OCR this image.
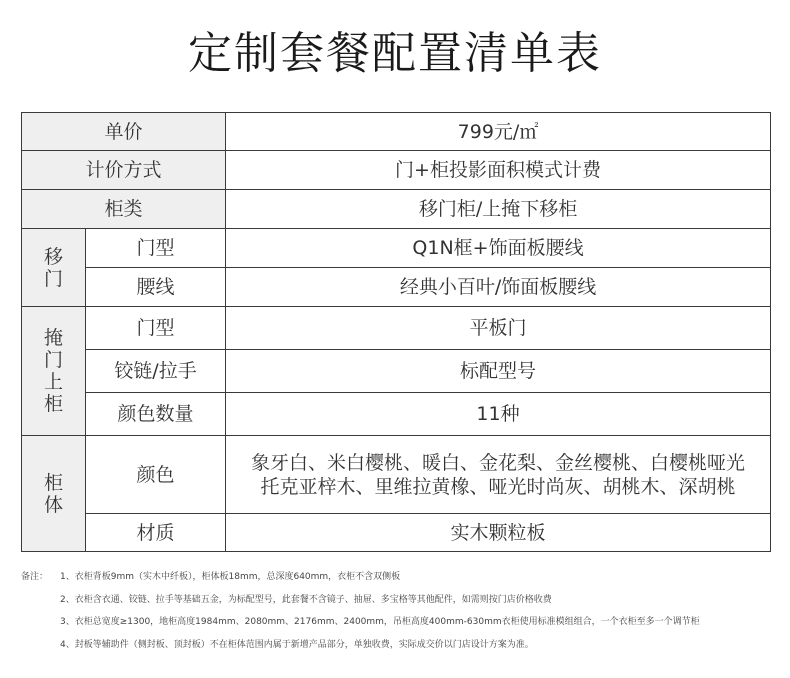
定制套餐配置清单表
单价		799元/㎡
计价方式		门+柜投影面积模式计费
柜类		移门柜/上掩下移柜
移门	门型	Q1N框+饰面板腰线
	腰线	经典小百叶/饰面板腰线
掩门上柜	门型	平板门
	铰链/拉手	标配型号
	颜色数量	11种
柜体	颜色	象牙白、米白樱桃、暖白、金花梨、金丝樱桃、白樱桃哑光
托克亚梓木、里维拉黄橡、哑光时尚灰、胡桃木、深胡桃

	材质	实木颗粒板
备注： 1、衣柜背板9mm（实木中纤板），柜体板18mm，总深度640mm，衣柜不含双侧板
2、衣柜含衣通、铰链、拉手等基础五金，为标配型号，此套餐不含镜子、抽屉、多宝格等其他配件，如需则按门店价格收费
3、衣柜总宽度≥1300，地柜高度1984mm、2080mm、2176mm、2400mm，吊柜高度400mm-630mm衣柜使用标准模组组合，一个衣柜至多一个调节柜
4、封板等辅助件（侧封板、顶封板）不在柜体范围内属于新增产品部分，单独收费，实际成交价以门店设计方案为准。
